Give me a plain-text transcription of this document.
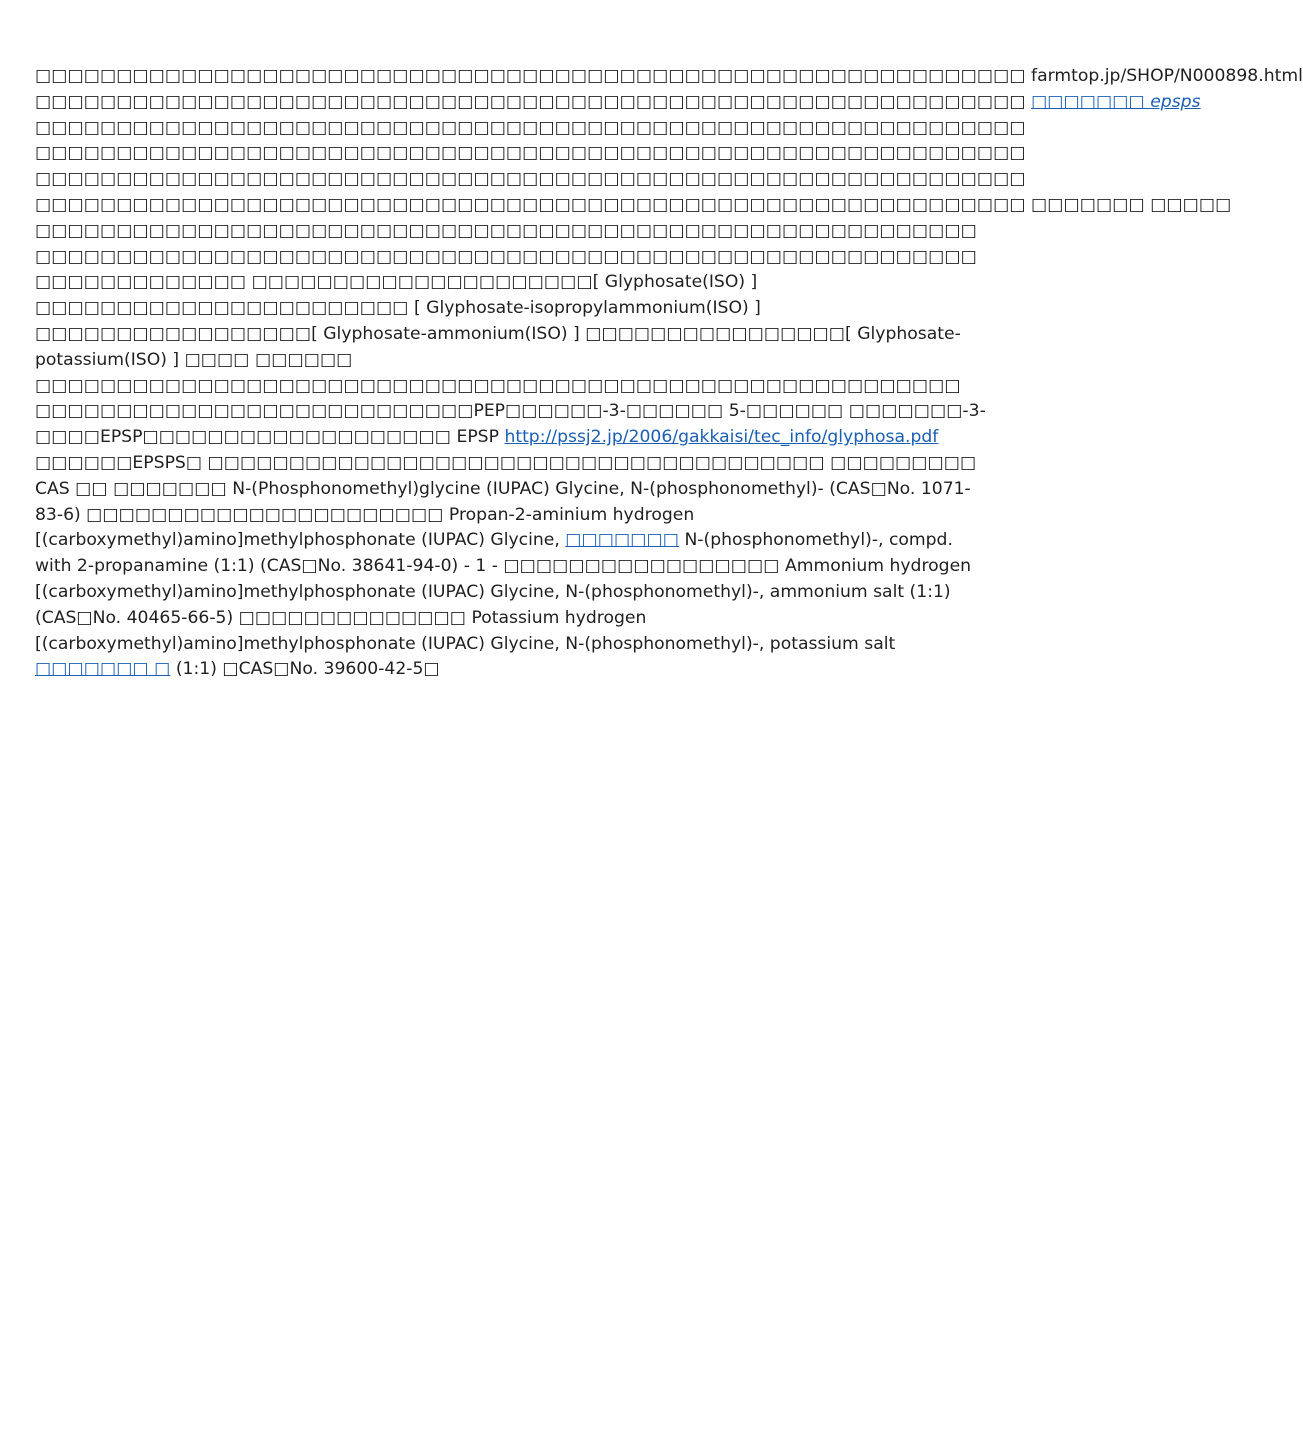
□□□□□□□□□□□□□□□□□□□□□□□□□□□□□□□□□□□□□□□□□□□□□□□□□□□□□□□□□□□□□ farmtop.jp/SHOP/N000898.html
□□□□□□□□□□□□□□□□□□□□□□□□□□□□□□□□□□□□□□□□□□□□□□□□□□□□□□□□□□□□□ □□□□□□□ epsps
□□□□□□□□□□□□□□□□□□□□□□□□□□□□□□□□□□□□□□□□□□□□□□□□□□□□□□□□□□□□□
□□□□□□□□□□□□□□□□□□□□□□□□□□□□□□□□□□□□□□□□□□□□□□□□□□□□□□□□□□□□□
□□□□□□□□□□□□□□□□□□□□□□□□□□□□□□□□□□□□□□□□□□□□□□□□□□□□□□□□□□□□□
□□□□□□□□□□□□□□□□□□□□□□□□□□□□□□□□□□□□□□□□□□□□□□□□□□□□□□□□□□□□□ □□□□□□□ □□□□□
□□□□□□□□□□□□□□□□□□□□□□□□□□□□□□□□□□□□□□□□□□□□□□□□□□□□□□□□□□ □□□□□□□□□□□□□□□□□□□□□□□□□□□□□□□□□□□□□□□□□□□□□□□□□□□□□□□□□□□□□□□□□□□□□□□ □□□□□□□□□□□□□□□□□□□□□[ Glyphosate(ISO) ] □□□□□□□□□□□□□□□□□□□□□□□ [ Glyphosate-isopropylammonium(ISO) ] □□□□□□□□□□□□□□□□□[ Glyphosate-ammonium(ISO) ] □□□□□□□□□□□□□□□□[ Glyphosate-potassium(ISO) ] □□□□ □□□□□□ □□□□□□□□□□□□□□□□□□□□□□□□□□□□□□□□□□□□□□□□□□□□□□□□□□□□□□□□□ □□□□□□□□□□□□□□□□□□□□□□□□□□□PEP□□□□□□-3-□□□□□□ 5-□□□□□□ □□□□□□□-3-□□□□EPSP□□□□□□□□□□□□□□□□□□□ EPSP http://pssj2.jp/2006/gakkaisi/tec_info/glyphosa.pdf □□□□□□EPSPS□ □□□□□□□□□□□□□□□□□□□□□□□□□□□□□□□□□□□□□□ □□□□□□□□□ CAS □□ □□□□□□□ N-(Phosphonomethyl)glycine (IUPAC) Glycine, N-(phosphonomethyl)- (CAS□No. 1071-83-6) □□□□□□□□□□□□□□□□□□□□□□ Propan-2-aminium hydrogen [(carboxymethyl)amino]methylphosphonate (IUPAC) Glycine, □□□□□□□ N-(phosphonomethyl)-, compd. with 2-propanamine (1:1) (CAS□No. 38641-94-0) - 1 - □□□□□□□□□□□□□□□□□ Ammonium hydrogen [(carboxymethyl)amino]methylphosphonate (IUPAC) Glycine, N-(phosphonomethyl)-, ammonium salt (1:1) (CAS□No. 40465-66-5) □□□□□□□□□□□□□□ Potassium hydrogen [(carboxymethyl)amino]methylphosphonate (IUPAC) Glycine, N-(phosphonomethyl)-, potassium salt □□□□□□□ □ (1:1) □CAS□No. 39600-42-5□
